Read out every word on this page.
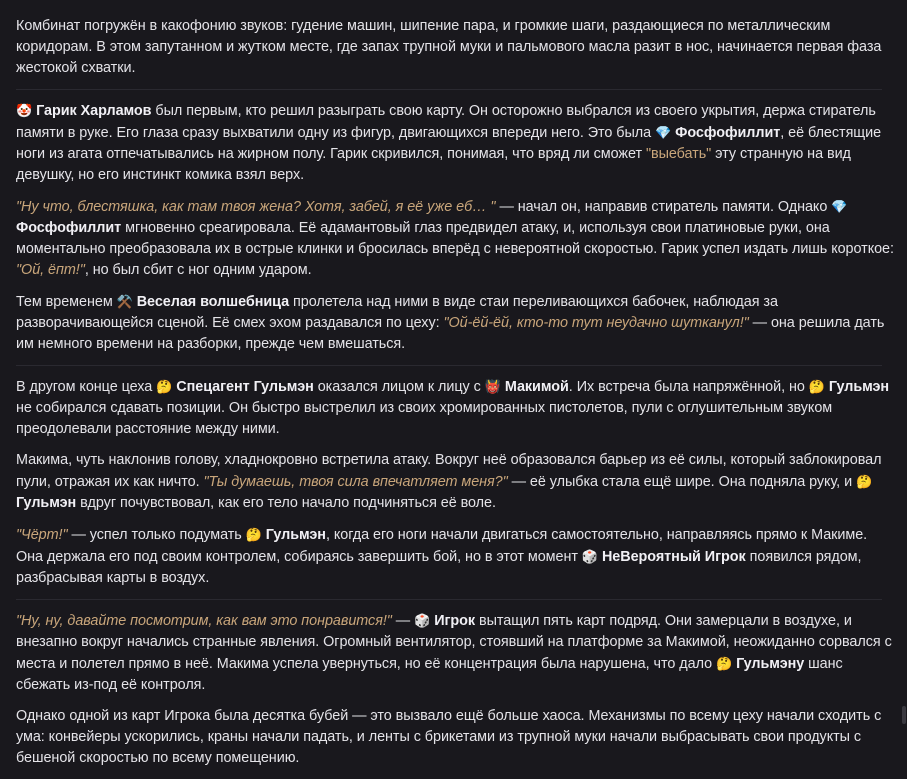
Комбинат погружён в какофонию звуков: гудение машин, шипение пара, и громкие шаги, раздающиеся по металлическим коридорам. В этом запутанном и жутком месте, где запах трупной муки и пальмового масла разит в нос, начинается первая фаза жестокой схватки.

🤡 Гарик Харламов был первым, кто решил разыграть свою карту. Он осторожно выбрался из своего укрытия, держа стиратель памяти в руке. Его глаза сразу выхватили одну из фигур, двигающихся впереди него. Это была 💎 Фосфофиллит, её блестящие ноги из агата отпечатывались на жирном полу. Гарик скривился, понимая, что вряд ли сможет "выебать" эту странную на вид девушку, но его инстинкт комика взял верх.

"Ну что, блестяшка, как там твоя жена? Хотя, забей, я её уже еб… " — начал он, направив стиратель памяти. Однако 💎 Фосфофиллит мгновенно среагировала. Её адамантовый глаз предвидел атаку, и, используя свои платиновые руки, она моментально преобразовала их в острые клинки и бросилась вперёд с невероятной скоростью. Гарик успел издать лишь короткое: "Ой, ёпт!", но был сбит с ног одним ударом.

Тем временем ⚒️ Веселая волшебница пролетела над ними в виде стаи переливающихся бабочек, наблюдая за разворачивающейся сценой. Её смех эхом раздавался по цеху: "Ой-ёй-ёй, кто-то тут неудачно шутканул!" — она решила дать им немного времени на разборки, прежде чем вмешаться.

В другом конце цеха 🤔 Спецагент Гульмэн оказался лицом к лицу с 👹 Макимой. Их встреча была напряжённой, но 🤔 Гульмэн не собирался сдавать позиции. Он быстро выстрелил из своих хромированных пистолетов, пули с оглушительным звуком преодолевали расстояние между ними.

Макима, чуть наклонив голову, хладнокровно встретила атаку. Вокруг неё образовался барьер из её силы, который заблокировал пули, отражая их как ничто. "Ты думаешь, твоя сила впечатляет меня?" — её улыбка стала ещё шире. Она подняла руку, и 🤔 Гульмэн вдруг почувствовал, как его тело начало подчиняться её воле.

"Чёрт!" — успел только подумать 🤔 Гульмэн, когда его ноги начали двигаться самостоятельно, направляясь прямо к Макиме. Она держала его под своим контролем, собираясь завершить бой, но в этот момент 🎲 НеВероятный Игрок появился рядом, разбрасывая карты в воздух.

"Ну, ну, давайте посмотрим, как вам это понравится!" — 🎲 Игрок вытащил пять карт подряд. Они замерцали в воздухе, и внезапно вокруг начались странные явления. Огромный вентилятор, стоявший на платформе за Макимой, неожиданно сорвался с места и полетел прямо в неё. Макима успела увернуться, но её концентрация была нарушена, что дало 🤔 Гульмэну шанс сбежать из-под её контроля.

Однако одной из карт Игрока была десятка бубей — это вызвало ещё больше хаоса. Механизмы по всему цеху начали сходить с ума: конвейеры ускорились, краны начали падать, и ленты с брикетами из трупной муки начали выбрасывать свои продукты с бешеной скоростью по всему помещению.
